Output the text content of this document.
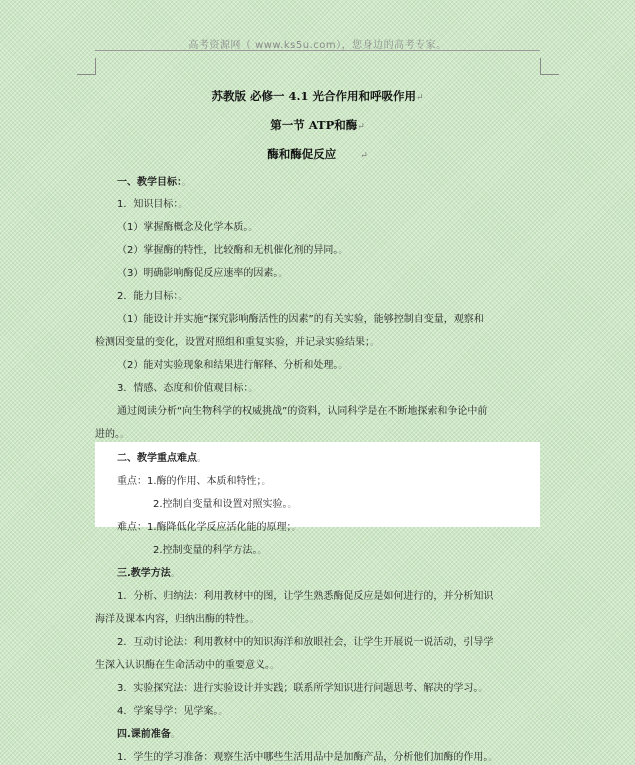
高考资源网（ www.ks5u.com），您身边的高考专家。
苏教版 必修一 4.1 光合作用和呼吸作用↵
第一节 ATP和酶↵
酶和酶促反应	↵
一、教学目标：。
1．知识目标：。
（1）掌握酶概念及化学本质。。
（2）掌握酶的特性，比较酶和无机催化剂的异同。。
（3）明确影响酶促反应速率的因素。。
2．能力目标：。
（1）能设计并实施“探究影响酶活性的因素”的有关实验，能够控制自变量，观察和
检测因变量的变化，设置对照组和重复实验，并记录实验结果；。
（2）能对实验现象和结果进行解释、分析和处理。。
3．情感、态度和价值观目标：。
通过阅读分析“向生物科学的权威挑战”的资料，认同科学是在不断地探索和争论中前
进的。。
二、教学重点难点。
重点：1.酶的作用、本质和特性；。
2.控制自变量和设置对照实验。。
难点：1.酶降低化学反应活化能的原理；。
2.控制变量的科学方法。。
三.教学方法。
1．分析、归纳法：利用教材中的图，让学生熟悉酶促反应是如何进行的，并分析知识
海洋及课本内容，归纳出酶的特性。。
2．互动讨论法：利用教材中的知识海洋和放眼社会，让学生开展说一说活动，引导学
生深入认识酶在生命活动中的重要意义。。
3．实验探究法：进行实验设计并实践；联系所学知识进行问题思考、解决的学习。。
4．学案导学：见学案。。
四.课前准备。
1．学生的学习准备：观察生活中哪些生活用品中是加酶产品，分析他们加酶的作用。。
